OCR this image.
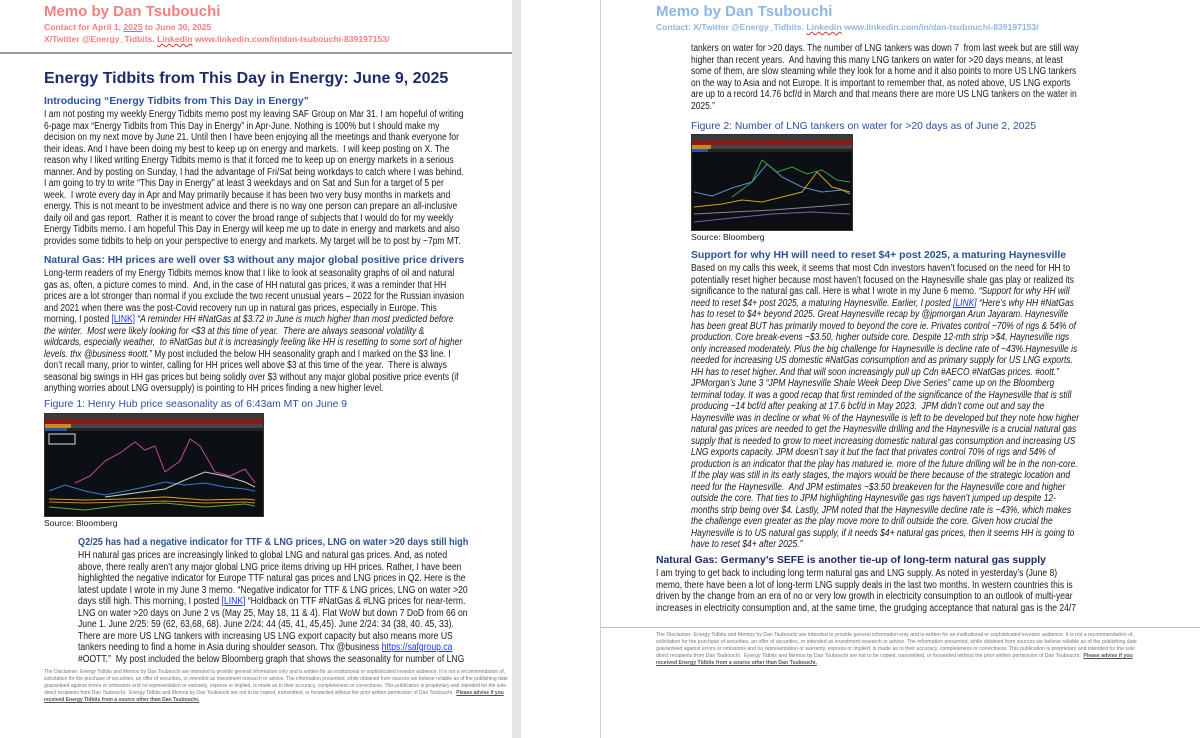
Memo by Dan Tsubouchi
Contact for April 1, 2025 to June 30, 2025
X/Twitter @Energy_Tidbits. Linkedin www.linkedin.com/in/dan-tsubouchi-839197153/
Energy Tidbits from This Day in Energy: June 9, 2025
Introducing “Energy Tidbits from This Day in Energy”
I am not posting my weekly Energy Tidbits memo post my leaving SAF Group on Mar 31. I am hopeful of writing
6-page max “Energy Tidbits from This Day in Energy” in Apr-June. Nothing is 100% but I should make my
decision on my next move by June 21. Until then I have been enjoying all the meetings and thank everyone for
their ideas. And I have been doing my best to keep up on energy and markets.  I will keep posting on X. The
reason why I liked writing Energy Tidbits memo is that it forced me to keep up on energy markets in a serious
manner. And by posting on Sunday, I had the advantage of Fri/Sat being workdays to catch where I was behind.
I am going to try to write “This Day in Energy” at least 3 weekdays and on Sat and Sun for a target of 5 per
week.  I wrote every day in Apr and May primarily because it has been two very busy months in markets and
energy. This is not meant to be investment advice and there is no way one person can prepare an all-inclusive
daily oil and gas report.  Rather it is meant to cover the broad range of subjects that I would do for my weekly
Energy Tidbits memo. I am hopeful This Day in Energy will keep me up to date in energy and markets and also
provides some tidbits to help on your perspective to energy and markets. My target will be to post by ~7pm MT.
Natural Gas: HH prices are well over $3 without any major global positive price drivers
Long-term readers of my Energy Tidbits memos know that I like to look at seasonality graphs of oil and natural
gas as, often, a picture comes to mind.  And, in the case of HH natural gas prices, it was a reminder that HH
prices are a lot stronger than normal if you exclude the two recent unusual years – 2022 for the Russian invasion
and 2021 when there was the post-Covid recovery run up in natural gas prices, especially in Europe. This
morning, I posted [LINK] “A reminder HH #NatGas at $3.72 in June is much higher than most predicted before
the winter.  Most were likely looking for <$3 at this time of year.  There are always seasonal volatility &
wildcards, especially weather,  to #NatGas but it is increasingly feeling like HH is resetting to some sort of higher
levels. thx @business #oott.” My post included the below HH seasonality graph and I marked on the $3 line. I
don’t recall many, prior to winter, calling for HH prices well above $3 at this time of the year.  There is always
seasonal big swings in HH gas prices but being solidly over $3 without any major global positive price events (if
anything worries about LNG oversupply) is pointing to HH prices finding a new higher level.
Figure 1: Henry Hub price seasonality as of 6:43am MT on June 9
Source: Bloomberg
Q2/25 has had a negative indicator for TTF & LNG prices, LNG on water >20 days still high
HH natural gas prices are increasingly linked to global LNG and natural gas prices. And, as noted
above, there really aren’t any major global LNG price items driving up HH prices. Rather, I have been
highlighted the negative indicator for Europe TTF natural gas prices and LNG prices in Q2. Here is the
latest update I wrote in my June 3 memo. “Negative indicator for TTF & LNG prices, LNG on water >20
days still high. This morning, I posted [LINK] “Holdback on TTF #NatGas & #LNG prices for near-term.
LNG on water >20 days on June 2 vs (May 25, May 18, 11 & 4). Flat WoW but down 7 DoD from 66 on
June 1. June 2/25: 59 (62, 63,68, 68). June 2/24: 44 (45, 41, 45,45). June 2/24: 34 (38, 40. 45, 33).
There are more US LNG tankers with increasing US LNG export capacity but also means more US
tankers needing to find a home in Asia during shoulder season. Thx @business https://safgroup.ca
#OOTT.”  My post included the below Bloomberg graph that shows the seasonality for number of LNG
The Disclaimer: Energy Tidbits and Memos by Dan Tsubouchi are intended to provide general information only and is written for an institutional or sophisticated investor audience. It is not a recommendation of,
solicitation for the purchase of securities, an offer of securities, or intended as investment research or advice. The information presented, while obtained from sources we believe reliable as of the publishing date
guaranteed against errors or omissions and no representation or warranty, express or implied, is made as to their accuracy, completeness or correctness. This publication is proprietary and intended for the sole
direct recipients from Dan Tsubouchi.  Energy Tidbits and Memos by Dan Tsubouchi are not to be copied, transmitted, or forwarded without the prior written permission of Dan Tsubouchi.  Please advise if you
received Energy Tidbits from a source other than Dan Tsubouchi.
Memo by Dan Tsubouchi
Contact: X/Twitter @Energy_Tidbits. Linkedin www.linkedin.com/in/dan-tsubouchi-839197153/
tankers on water for >20 days. The number of LNG tankers was down 7  from last week but are still way
higher than recent years.  And having this many LNG tankers on water for >20 days means, at least
some of them, are slow steaming while they look for a home and it also points to more US LNG tankers
on the way to Asia and not Europe. It is important to remember that, as noted above, US LNG exports
are up to a record 14.76 bcf/d in March and that means there are more US LNG tankers on the water in
2025.”
Figure 2: Number of LNG tankers on water for >20 days as of June 2, 2025
Source: Bloomberg
Support for why HH will need to reset $4+ post 2025, a maturing Haynesville
Based on my calls this week, it seems that most Cdn investors haven’t focused on the need for HH to
potentially reset higher because most haven’t focused on the Haynesville shale gas play or realized its
significance to the natural gas call. Here is what I wrote in my June 6 memo. “Support for why HH will
need to reset $4+ post 2025, a maturing Haynesville. Earlier, I posted [LINK] “Here’s why HH #NatGas
has to reset to $4+ beyond 2025. Great Haynesville recap by @jpmorgan Arun Jayaram. Haynesville
has been great BUT has primarily moved to beyond the core ie. Privates control ~70% of rigs & 54% of
production. Core break-evens ~$3.50, higher outside core. Despite 12-mth strip >$4, Haynesville rigs
only increased moderately. Plus the big challenge for Haynesville is decline rate of ~43%.Haynesville is
needed for increasing US domestic #NatGas consumption and as primary supply for US LNG exports.
HH has to reset higher. And that will soon increasingly pull up Cdn #AECO #NatGas prices. #oott.”
JPMorgan’s June 3 “JPM Haynesville Shale Week Deep Dive Series” came up on the Bloomberg
terminal today. It was a good recap that first reminded of the significance of the Haynesville that is still
producing ~14 bcf/d after peaking at 17.6 bcf/d in May 2023.  JPM didn’t come out and say the
Haynesville was in decline or what % of the Haynesville is left to be developed but they note how higher
natural gas prices are needed to get the Haynesville drilling and the Haynesville is a crucial natural gas
supply that is needed to grow to meet increasing domestic natural gas consumption and increasing US
LNG exports capacity. JPM doesn’t say it but the fact that privates control 70% of rigs and 54% of
production is an indicator that the play has matured ie. more of the future drilling will be in the non-core.
If the play was still in its early stages, the majors would be there because of the strategic location and
need for the Haynesville.  And JPM estimates ~$3.50 breakeven for the Haynesville core and higher
outside the core. That ties to JPM highlighting Haynesville gas rigs haven’t jumped up despite 12-
months strip being over $4. Lastly, JPM noted that the Haynesville decline rate is ~43%, which makes
the challenge even greater as the play move more to drill outside the core. Given how crucial the
Haynesville is to US natural gas supply, if it needs $4+ natural gas prices, then it seems HH is going to
have to reset $4+ after 2025.”
Natural Gas: Germany’s SEFE is another tie-up of long-term natural gas supply
I am trying to get back to including long term natural gas and LNG supply. As noted in yesterday’s (June 8)
memo, there have been a lot of long-term LNG supply deals in the last two months. In western countries this is
driven by the change from an era of no or very low growth in electricity consumption to an outlook of multi-year
increases in electricity consumption and, at the same time, the grudging acceptance that natural gas is the 24/7
The Disclaimer: Energy Tidbits and Memos by Dan Tsubouchi are intended to provide general information only and is written for an institutional or sophisticated investor audience. It is not a recommendation of,
solicitation for the purchase of securities, an offer of securities, or intended as investment research or advice. The information presented, while obtained from sources we believe reliable as of the publishing date
guaranteed against errors or omissions and no representation or warranty, express or implied, is made as to their accuracy, completeness or correctness. This publication is proprietary and intended for the sole
direct recipients from Dan Tsubouchi.  Energy Tidbits and Memos by Dan Tsubouchi are not to be copied, transmitted, or forwarded without the prior written permission of Dan Tsubouchi.  Please advise if you
received Energy Tidbits from a source other than Dan Tsubouchi.
